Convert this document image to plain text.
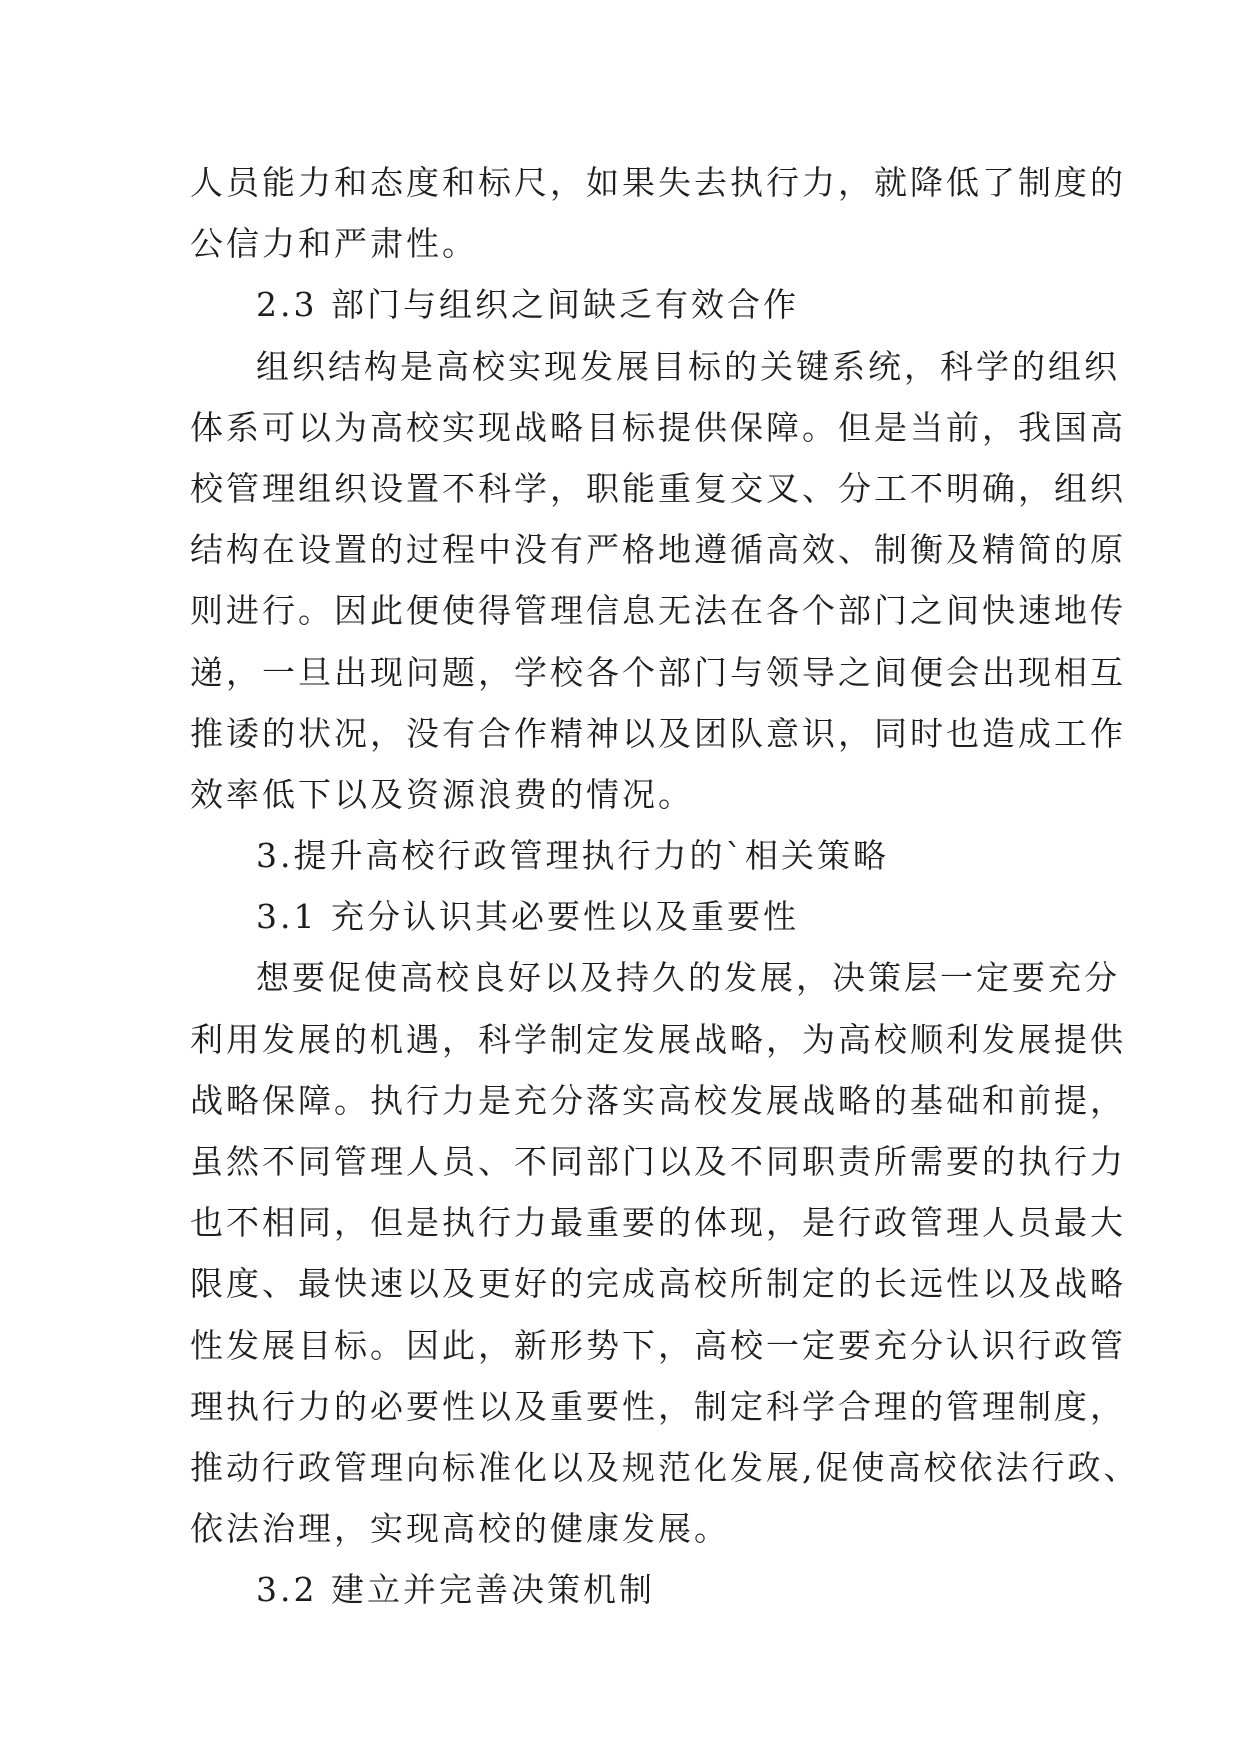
人员能力和态度和标尺，如果失去执行力，就降低了制度的
公信力和严肃性。
2.3 部门与组织之间缺乏有效合作
组织结构是高校实现发展目标的关键系统，科学的组织
体系可以为高校实现战略目标提供保障。但是当前，我国高
校管理组织设置不科学，职能重复交叉、分工不明确，组织
结构在设置的过程中没有严格地遵循高效、制衡及精简的原
则进行。因此便使得管理信息无法在各个部门之间快速地传
递，一旦出现问题，学校各个部门与领导之间便会出现相互
推诿的状况，没有合作精神以及团队意识，同时也造成工作
效率低下以及资源浪费的情况。
3.提升高校行政管理执行力的`相关策略
3.1 充分认识其必要性以及重要性
想要促使高校良好以及持久的发展，决策层一定要充分
利用发展的机遇，科学制定发展战略，为高校顺利发展提供
战略保障。执行力是充分落实高校发展战略的基础和前提，
虽然不同管理人员、不同部门以及不同职责所需要的执行力
也不相同，但是执行力最重要的体现，是行政管理人员最大
限度、最快速以及更好的完成高校所制定的长远性以及战略
性发展目标。因此，新形势下，高校一定要充分认识行政管
理执行力的必要性以及重要性，制定科学合理的管理制度，
推动行政管理向标准化以及规范化发展,促使高校依法行政、
依法治理，实现高校的健康发展。
3.2 建立并完善决策机制
